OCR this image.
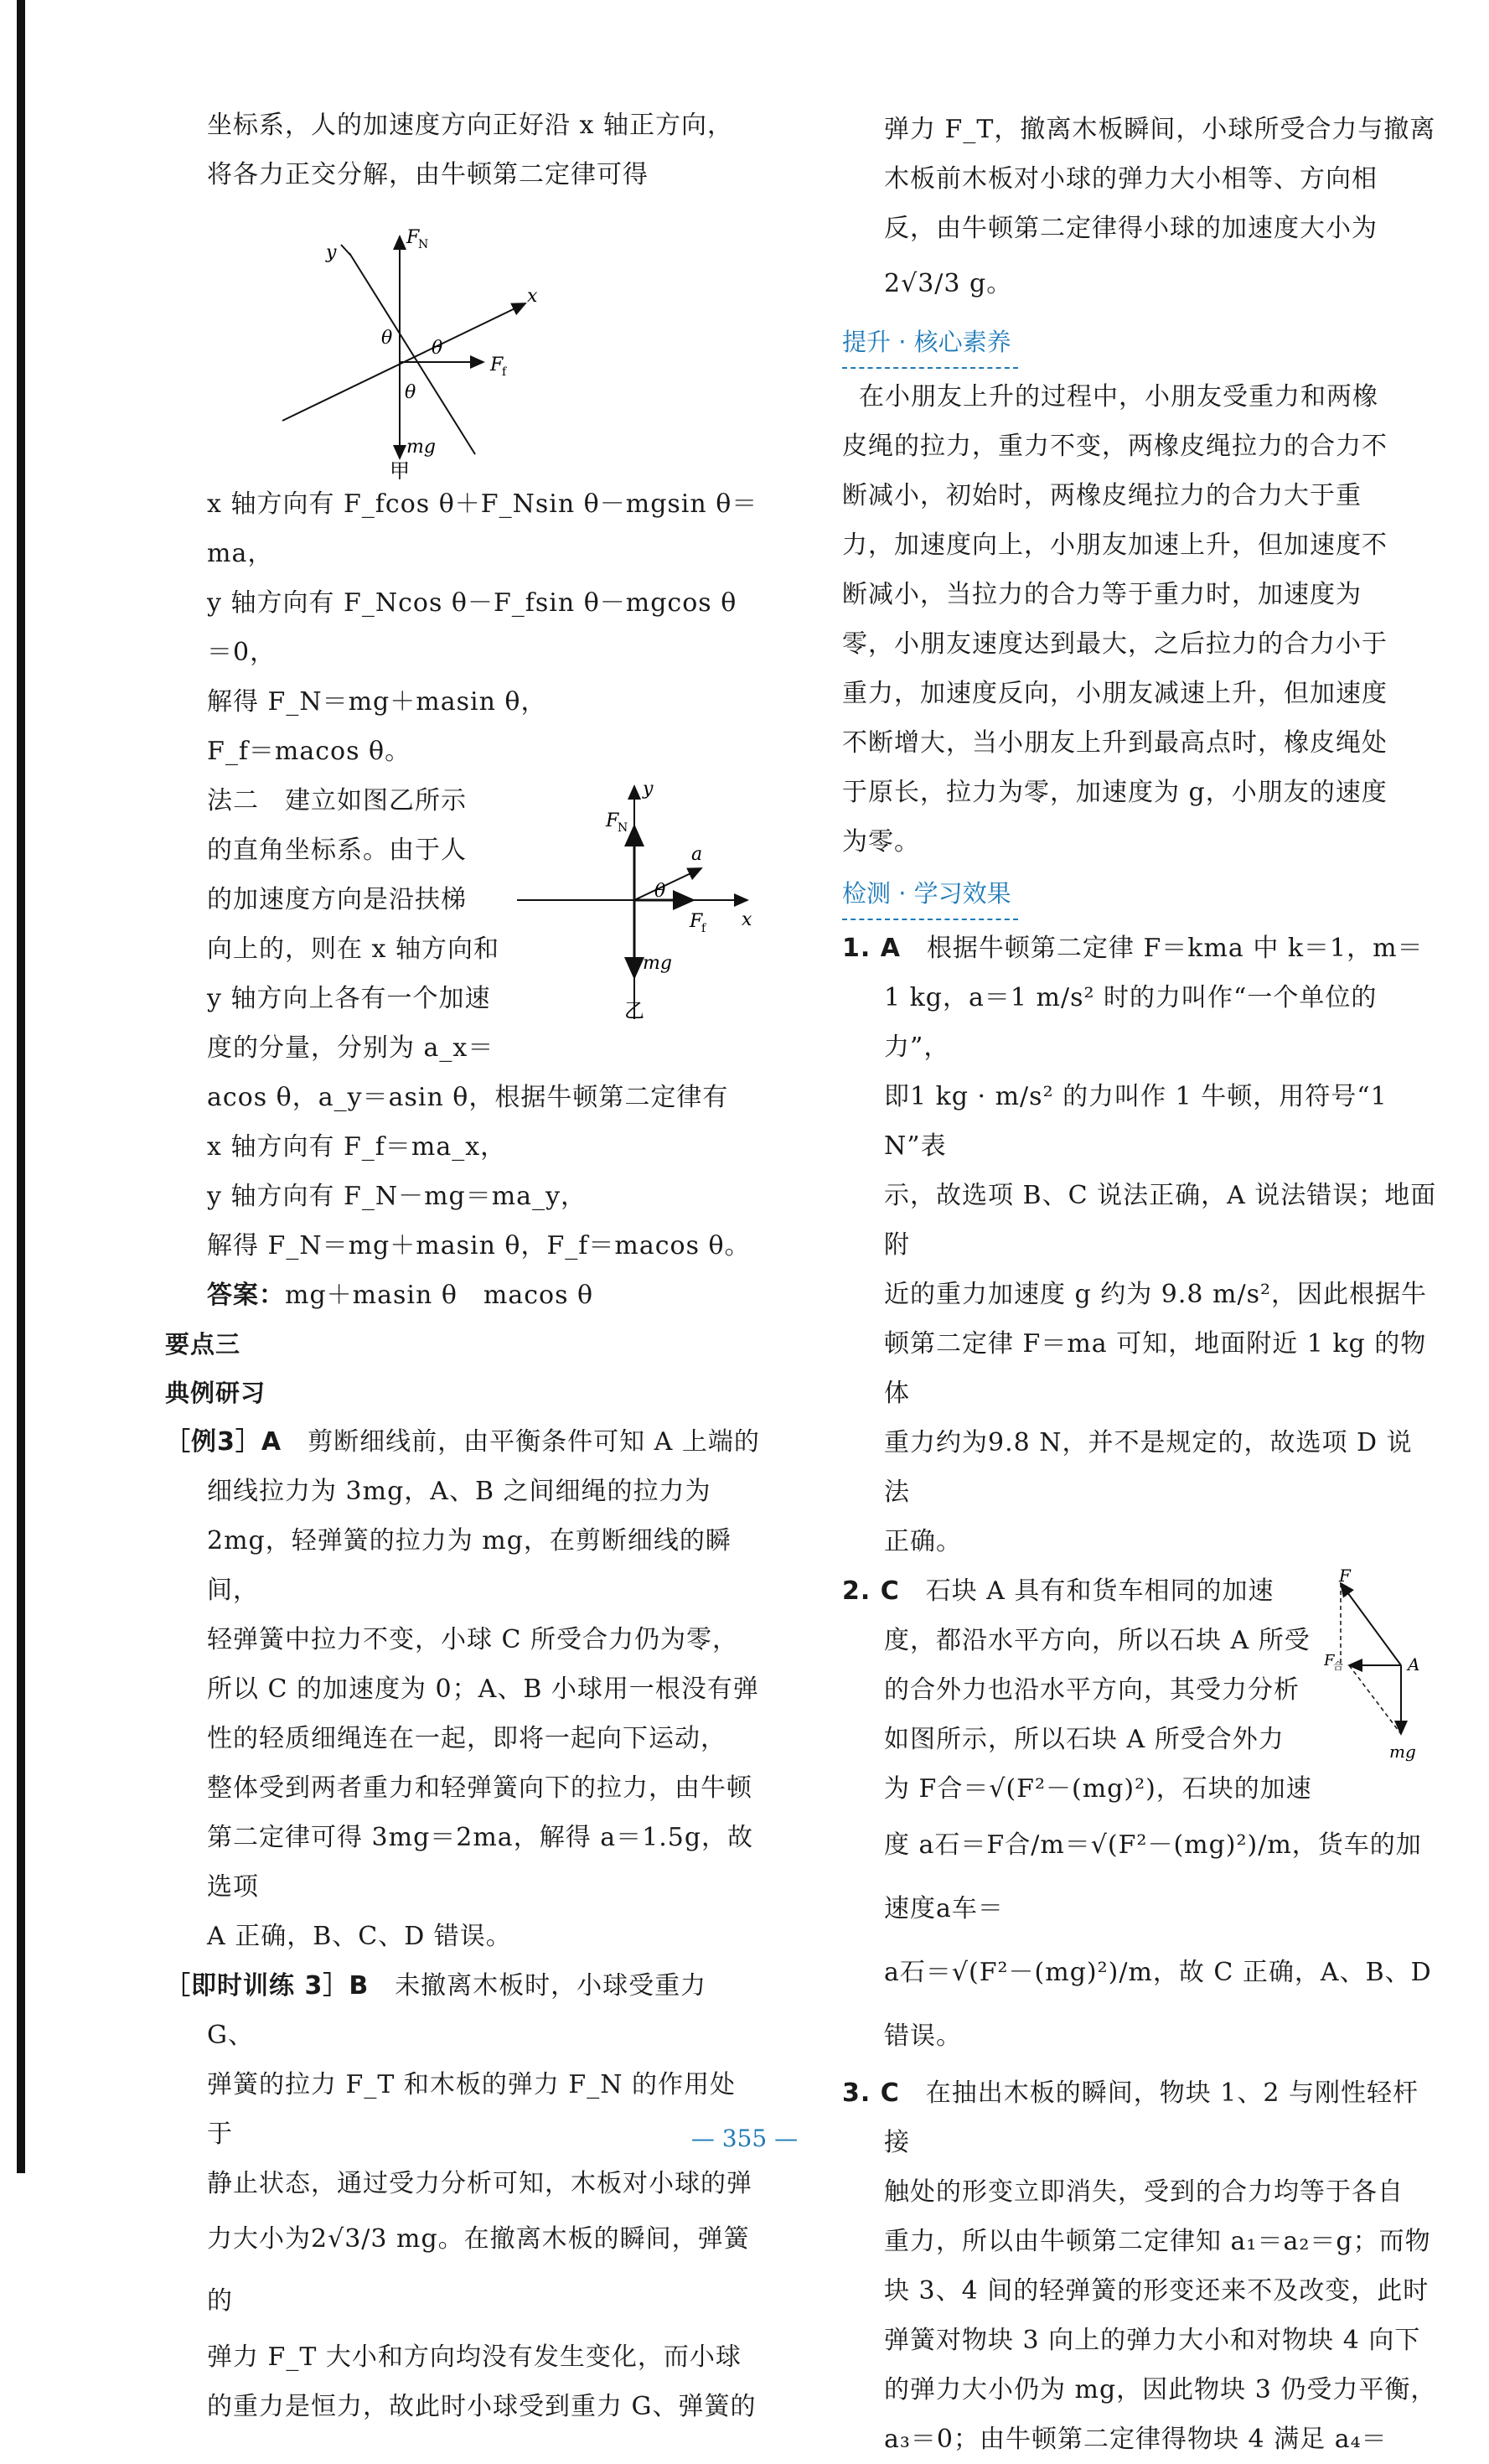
坐标系，人的加速度方向正好沿 x 轴正方向，

将各力正交分解，由牛顿第二定律可得

y
x
F
N
F
f
θ θ
θ
mg
甲

x 轴方向有 F_fcos θ＋F_Nsin θ－mgsin θ＝ma，

y 轴方向有 F_Ncos θ－F_fsin θ－mgcos θ＝0，

解得 F_N＝mg＋masin θ，

F_f＝macos θ。

法二　建立如图乙所示

的直角坐标系。由于人

的加速度方向是沿扶梯

向上的，则在 x 轴方向和

y 轴方向上各有一个加速

度的分量，分别为 a_x＝

y
x
F
N
a
θ
F
f
mg
乙

acos θ，a_y＝asin θ，根据牛顿第二定律有

x 轴方向有 F_f＝ma_x，

y 轴方向有 F_N－mg＝ma_y，

解得 F_N＝mg＋masin θ，F_f＝macos θ。

答案：mg＋masin θ　macos θ

要点三

典例研习

［例3］A　 剪断细线前，由平衡条件可知 A 上端的

细线拉力为 3mg，A、B 之间细绳的拉力为

2mg，轻弹簧的拉力为 mg，在剪断细线的瞬间，

轻弹簧中拉力不变，小球 C 所受合力仍为零，

所以 C 的加速度为 0；A、B 小球用一根没有弹

性的轻质细绳连在一起，即将一起向下运动，

整体受到两者重力和轻弹簧向下的拉力，由牛顿

第二定律可得 3mg＝2ma，解得 a＝1.5g，故选项

A 正确，B、C、D 错误。

［即时训练 3］B　 未撤离木板时，小球受重力 G、

弹簧的拉力 F_T 和木板的弹力 F_N 的作用处于

静止状态，通过受力分析可知，木板对小球的弹

力大小为2√3/3 mg。在撤离木板的瞬间，弹簧的

弹力 F_T 大小和方向均没有发生变化，而小球

的重力是恒力，故此时小球受到重力 G、弹簧的

弹力 F_T，撤离木板瞬间，小球所受合力与撤离

木板前木板对小球的弹力大小相等、方向相

反，由牛顿第二定律得小球的加速度大小为

2√3/3 g。

提升 · 核心素养

在小朋友上升的过程中，小朋友受重力和两橡

皮绳的拉力，重力不变，两橡皮绳拉力的合力不

断减小，初始时，两橡皮绳拉力的合力大于重

力，加速度向上，小朋友加速上升，但加速度不

断减小，当拉力的合力等于重力时，加速度为

零，小朋友速度达到最大，之后拉力的合力小于

重力，加速度反向，小朋友减速上升，但加速度

不断增大，当小朋友上升到最高点时，橡皮绳处

于原长，拉力为零，加速度为 g，小朋友的速度

为零。

检测 · 学习效果

1. A　 根据牛顿第二定律 F＝kma 中 k＝1，m＝

1 kg，a＝1 m/s² 时的力叫作“一个单位的力”，

即1 kg · m/s² 的力叫作 1 牛顿，用符号“1 N”表

示，故选项 B、C 说法正确，A 说法错误；地面附

近的重力加速度 g 约为 9.8 m/s²，因此根据牛

顿第二定律 F＝ma 可知，地面附近 1 kg 的物体

重力约为9.8 N，并不是规定的，故选项 D 说法

正确。

2. C　 石块 A 具有和货车相同的加速

度，都沿水平方向，所以石块 A 所受

的合外力也沿水平方向，其受力分析

如图所示，所以石块 A 所受合外力

为 F合＝√(F²－(mg)²)，石块的加速

F
F
合	A
mg

度 a石＝F合/m＝√(F²－(mg)²)/m，货车的加速度a车＝

a石＝√(F²－(mg)²)/m，故 C 正确，A、B、D 错误。

3. C　 在抽出木板的瞬间，物块 1、2 与刚性轻杆接

触处的形变立即消失，受到的合力均等于各自

重力，所以由牛顿第二定律知 a₁＝a₂＝g；而物

块 3、4 间的轻弹簧的形变还来不及改变，此时

弹簧对物块 3 向上的弹力大小和对物块 4 向下

的弹力大小仍为 mg，因此物块 3 仍受力平衡，

a₃＝0；由牛顿第二定律得物块 4 满足 a₄＝

— 355 —
